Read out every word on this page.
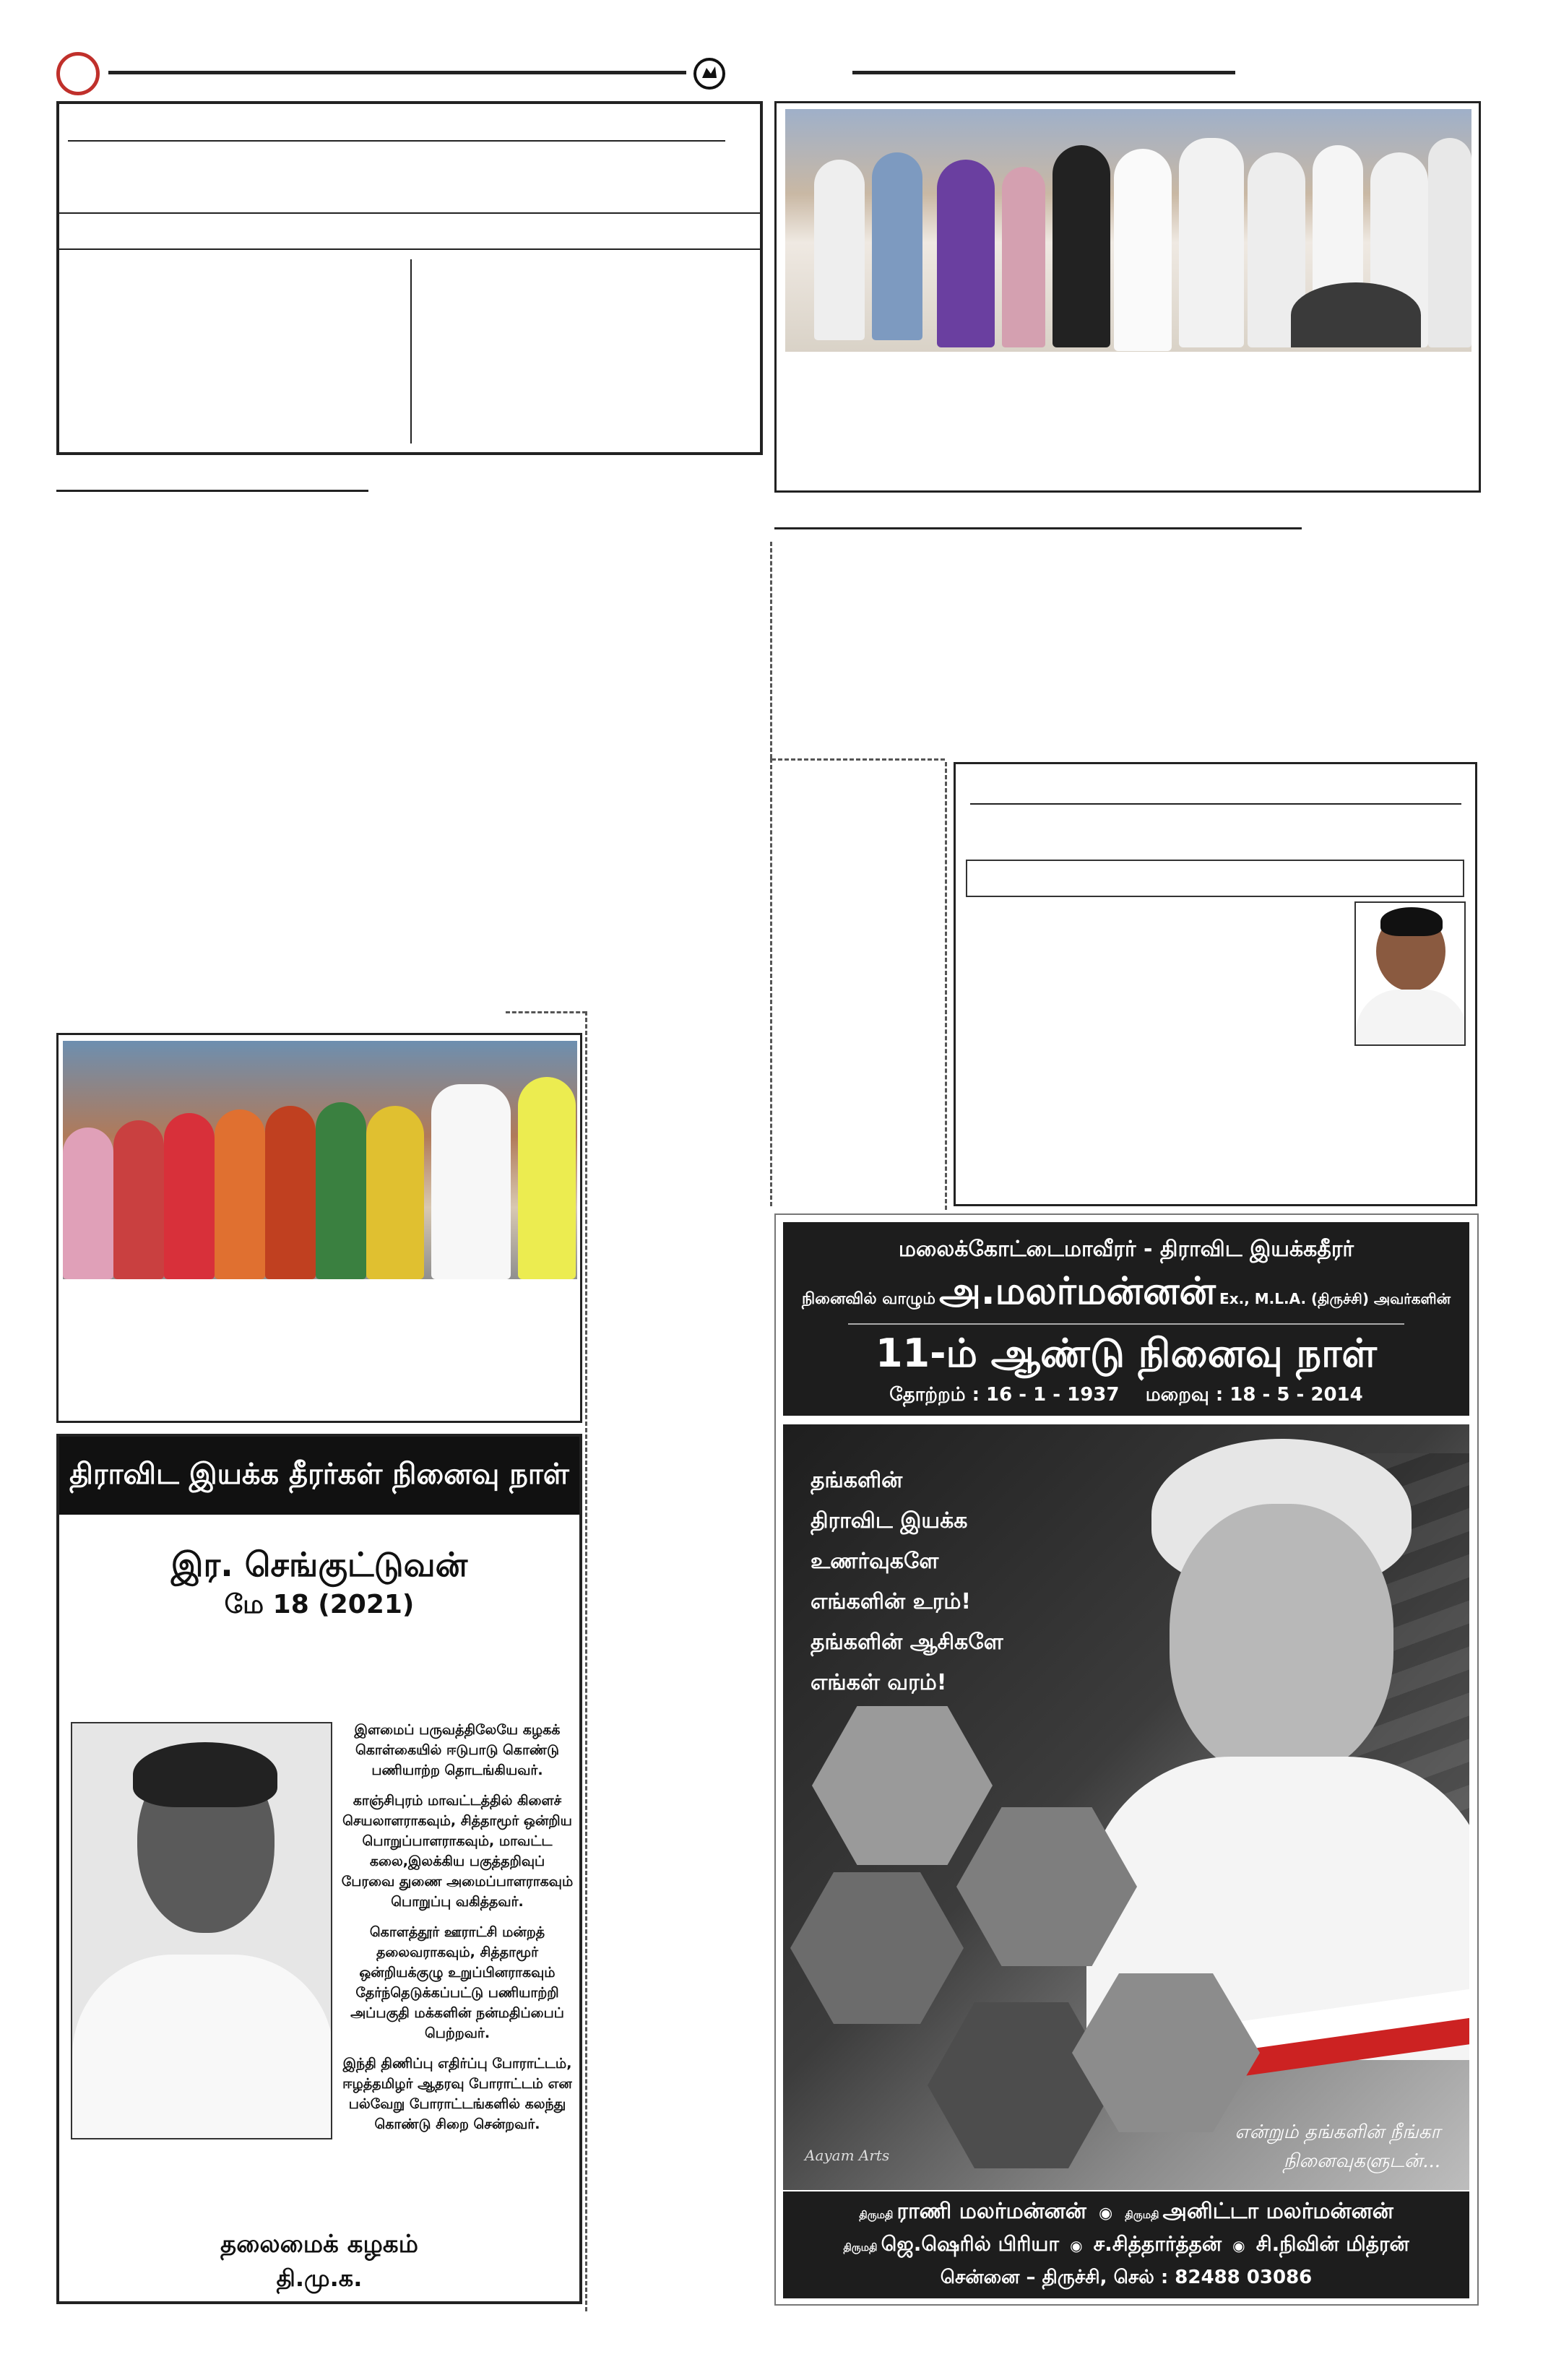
திராவிட இயக்க தீரர்கள் நினைவு நாள்
இர. செங்குட்டுவன்
மே 18 (2021)

இளமைப் பருவத்திலேயே கழகக் கொள்கையில் ஈடுபாடு கொண்டு பணியாற்ற தொடங்கியவர்.

காஞ்சிபுரம் மாவட்டத்தில் கிளைச் செயலாளராகவும், சித்தாமூர் ஒன்றிய பொறுப்பாளராகவும், மாவட்ட கலை,இலக்கிய பகுத்தறிவுப் பேரவை துணை அமைப்பாளராகவும் பொறுப்பு வகித்தவர்.

கொளத்தூர் ஊராட்சி மன்றத் தலைவராகவும், சித்தாமூர் ஒன்றியக்குழு உறுப்பினராகவும் தேர்ந்தெடுக்கப்பட்டு பணியாற்றி அப்பகுதி மக்களின் நன்மதிப்பைப் பெற்றவர்.

இந்தி திணிப்பு எதிர்ப்பு போராட்டம், ஈழத்தமிழர் ஆதரவு போராட்டம் என பல்வேறு போராட்டங்களில் கலந்து கொண்டு சிறை சென்றவர்.

தலைமைக் கழகம்
தி.மு.க.
மலைக்கோட்டைமாவீரர் - திராவிட இயக்கதீரர்
நினைவில் வாழும் அ.மலர்மன்னன் Ex., M.L.A. (திருச்சி) அவர்களின்
11-ம் ஆண்டு நினைவு நாள்
தோற்றம் : 16 - 1 - 1937    மறைவு : 18 - 5 - 2014
தங்களின்
திராவிட இயக்க
உணர்வுகளே
எங்களின் உரம்!
தங்களின் ஆசிகளே
எங்கள் வரம்!
என்றும் தங்களின் நீங்கா நினைவுகளுடன்...
Aayam Arts
திருமதி ராணி மலர்மன்னன் ◉ திருமதி அனிட்டா மலர்மன்னன்
திருமதி ஜெ.ஷெரில் பிரியா ◉ ச.சித்தார்த்தன் ◉ சி.நிவின் மித்ரன்
சென்னை – திருச்சி, செல் : 82488 03086
